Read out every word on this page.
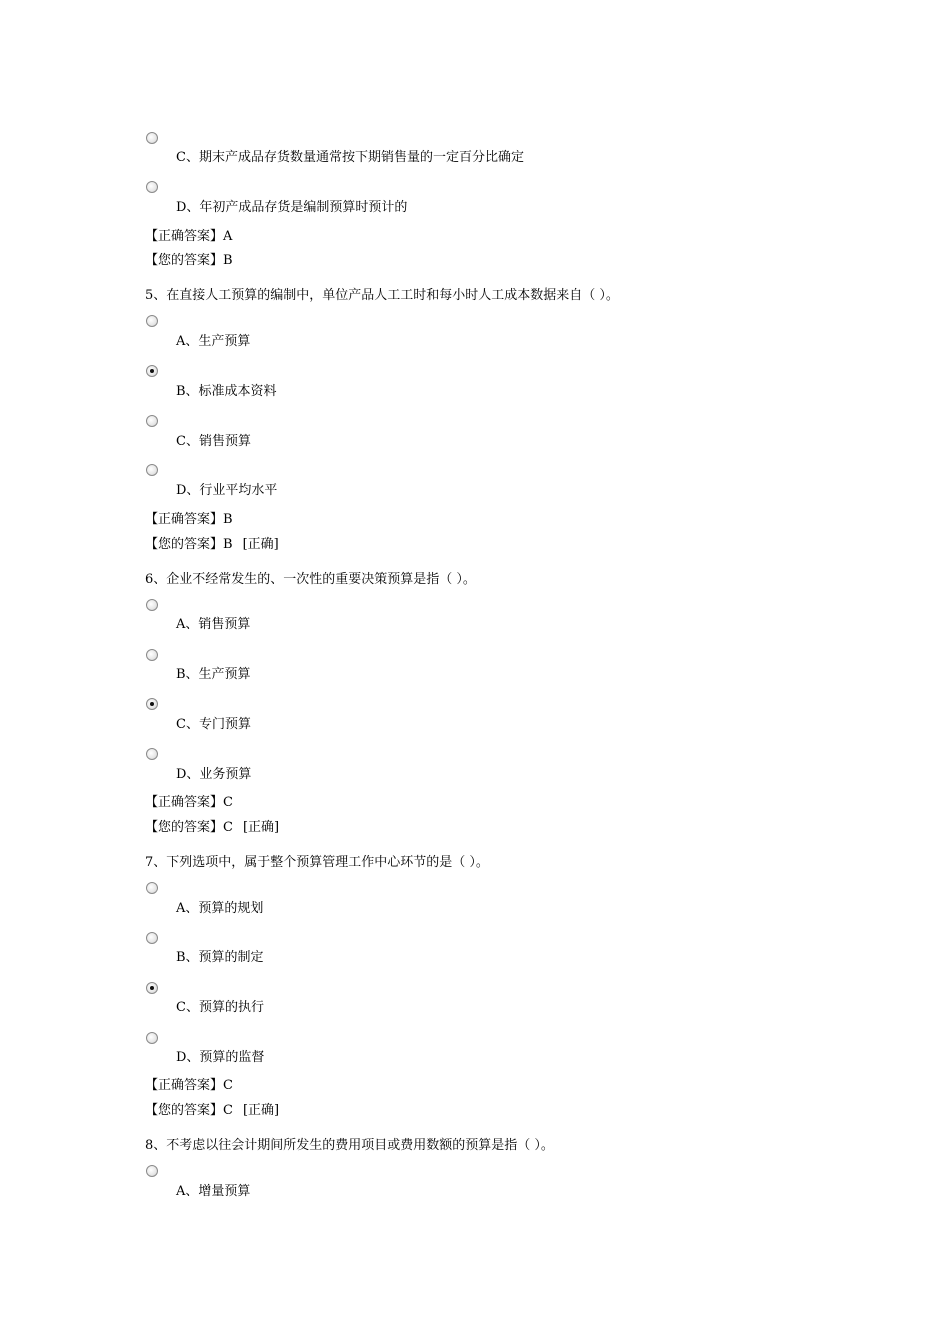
C、期末产成品存货数量通常按下期销售量的一定百分比确定
D、年初产成品存货是编制预算时预计的
【正确答案】A
【您的答案】B
5、在直接人工预算的编制中，单位产品人工工时和每小时人工成本数据来自（ ）。
A、生产预算
B、标准成本资料
C、销售预算
D、行业平均水平
【正确答案】B
【您的答案】B [正确]
6、企业不经常发生的、一次性的重要决策预算是指（ ）。
A、销售预算
B、生产预算
C、专门预算
D、业务预算
【正确答案】C
【您的答案】C [正确]
7、下列选项中，属于整个预算管理工作中心环节的是（ ）。
A、预算的规划
B、预算的制定
C、预算的执行
D、预算的监督
【正确答案】C
【您的答案】C [正确]
8、不考虑以往会计期间所发生的费用项目或费用数额的预算是指（ ）。
A、增量预算
